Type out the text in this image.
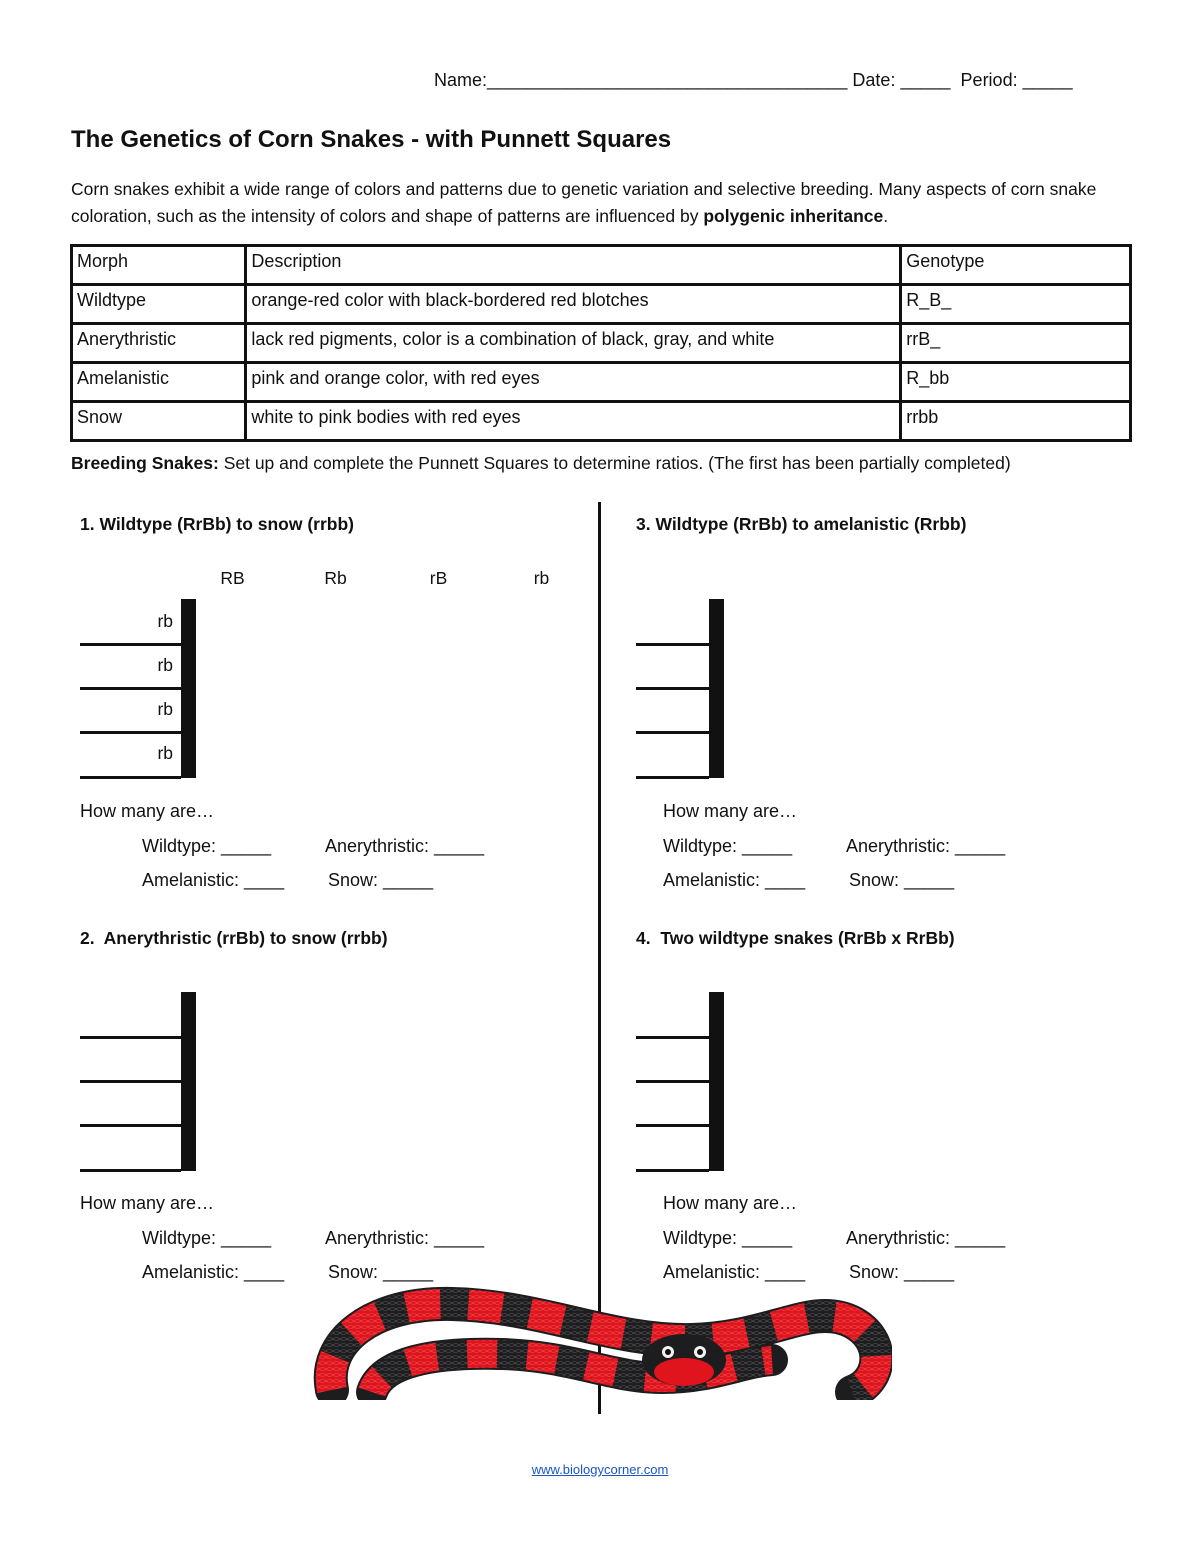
Name:____________________________________ Date: _____ Period: _____
The Genetics of Corn Snakes - with Punnett Squares
Corn snakes exhibit a wide range of colors and patterns due to genetic variation and selective breeding. Many aspects of corn snake coloration, such as the intensity of colors and shape of patterns are influenced by polygenic inheritance.
Morph	Description	Genotype
Wildtype	orange-red color with black-bordered red blotches	R_B_
Anerythristic	lack red pigments, color is a combination of black, gray, and white	rrB_
Amelanistic	pink and orange color, with red eyes	R_bb
Snow	white to pink bodies with red eyes	rrbb
Breeding Snakes: Set up and complete the Punnett Squares to determine ratios. (The first has been partially completed)
1. Wildtype (RrBb) to snow (rrbb)
2.  Anerythristic (rrBb) to snow (rrbb)
3. Wildtype (RrBb) to amelanistic (Rrbb)
4.  Two wildtype snakes (RrBb x RrBb)
RB	Rb	rB	rb

rb
rb
rb
rb

How many are…
Wildtype: _____	Anerythristic: _____
Amelanistic: ____ Snow: _____
How many are…
Wildtype: _____	Anerythristic: _____
Amelanistic: ____ Snow: _____
How many are…
Wildtype: _____	Anerythristic: _____
Amelanistic: ____ Snow: _____
How many are…
Wildtype: _____	Anerythristic: _____
Amelanistic: ____ Snow: _____
www.biologycorner.com
